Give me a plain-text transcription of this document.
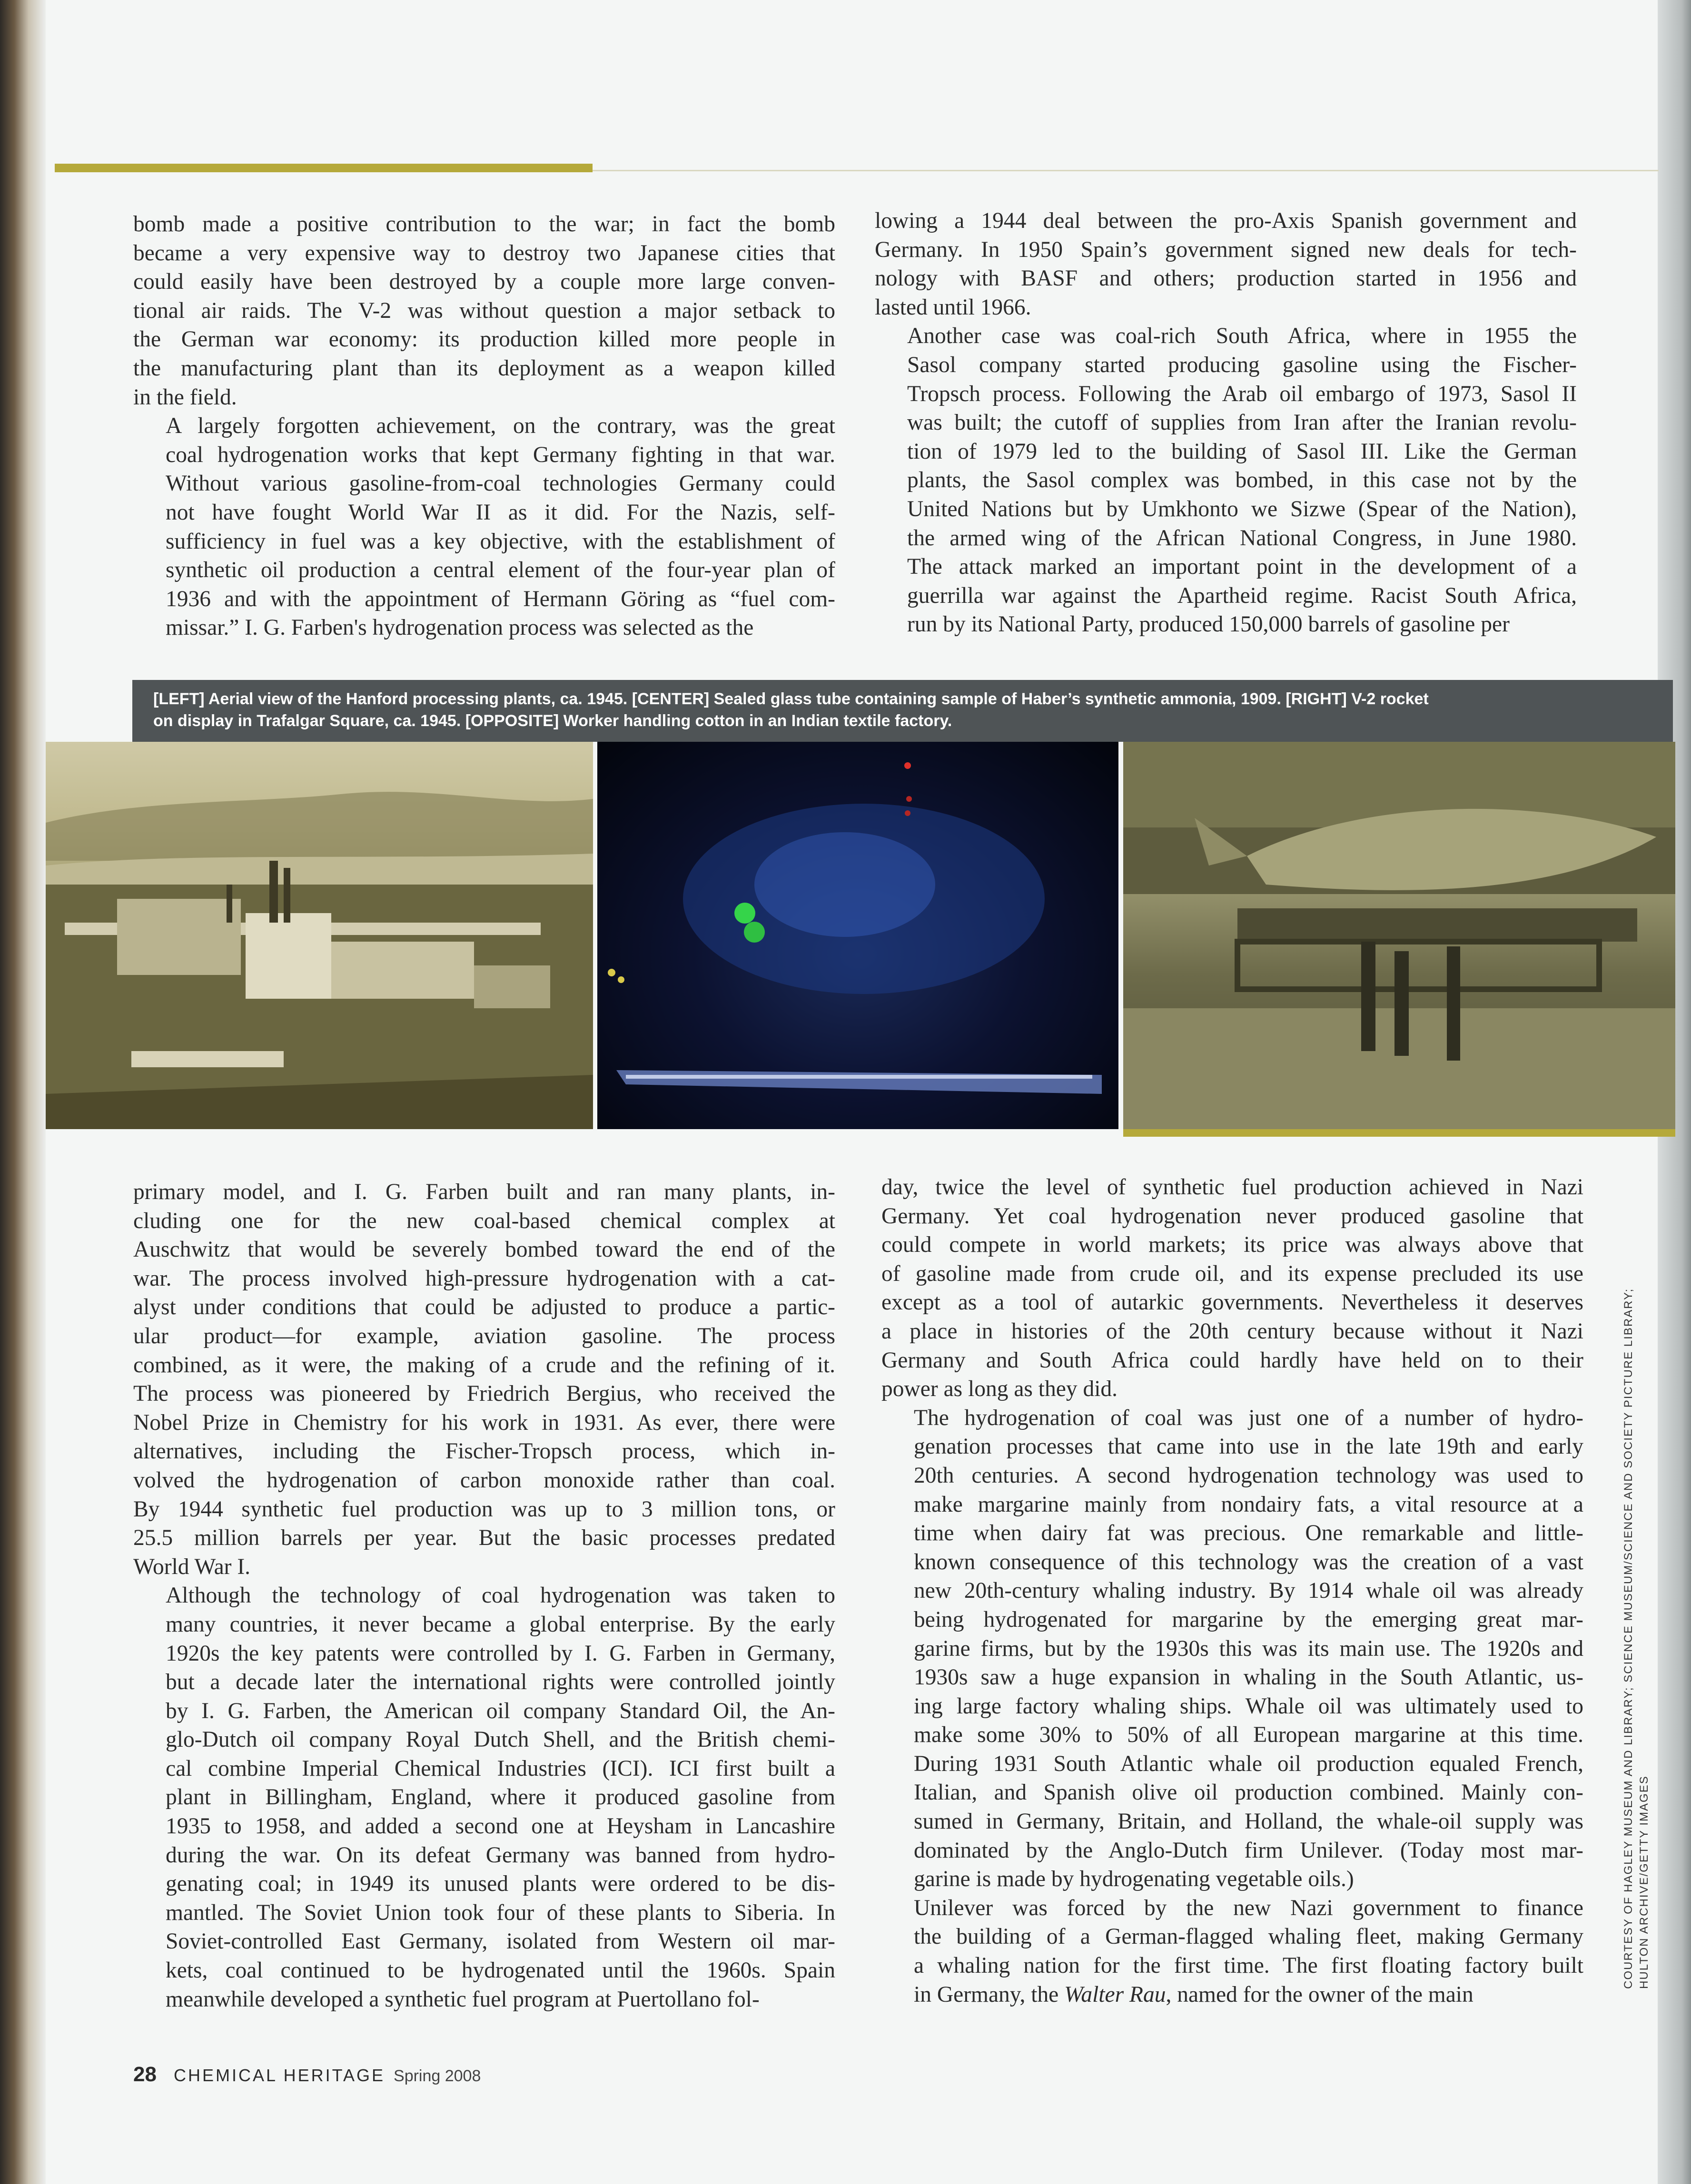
bomb made a positive contribution to the war; in fact the bomb
became a very expensive way to destroy two Japanese cities that
could easily have been destroyed by a couple more large conven-
tional air raids. The V-2 was without question a major setback to
the German war economy: its production killed more people in
the manufacturing plant than its deployment as a weapon killed
in the field.

A largely forgotten achievement, on the contrary, was the great
coal hydrogenation works that kept Germany fighting in that war.
Without various gasoline-from-coal technologies Germany could
not have fought World War II as it did. For the Nazis, self-
sufficiency in fuel was a key objective, with the establishment of
synthetic oil production a central element of the four-year plan of
1936 and with the appointment of Hermann Göring as “fuel com-
missar.” I. G. Farben's hydrogenation process was selected as the

lowing a 1944 deal between the pro-Axis Spanish government and
Germany. In 1950 Spain’s government signed new deals for tech-
nology with BASF and others; production started in 1956 and
lasted until 1966.

Another case was coal-rich South Africa, where in 1955 the
Sasol company started producing gasoline using the Fischer-
Tropsch process. Following the Arab oil embargo of 1973, Sasol II
was built; the cutoff of supplies from Iran after the Iranian revolu-
tion of 1979 led to the building of Sasol III. Like the German
plants, the Sasol complex was bombed, in this case not by the
United Nations but by Umkhonto we Sizwe (Spear of the Nation),
the armed wing of the African National Congress, in June 1980.
The attack marked an important point in the development of a
guerrilla war against the Apartheid regime. Racist South Africa,
run by its National Party, produced 150,000 barrels of gasoline per

[LEFT] Aerial view of the Hanford processing plants, ca. 1945. [CENTER] Sealed glass tube containing sample of Haber’s synthetic ammonia, 1909. [RIGHT] V-2 rocket
on display in Trafalgar Square, ca. 1945. [OPPOSITE] Worker handling cotton in an Indian textile factory.

primary model, and I. G. Farben built and ran many plants, in-
cluding one for the new coal-based chemical complex at
Auschwitz that would be severely bombed toward the end of the
war. The process involved high-pressure hydrogenation with a cat-
alyst under conditions that could be adjusted to produce a partic-
ular product—for example, aviation gasoline. The process
combined, as it were, the making of a crude and the refining of it.
The process was pioneered by Friedrich Bergius, who received the
Nobel Prize in Chemistry for his work in 1931. As ever, there were
alternatives, including the Fischer-Tropsch process, which in-
volved the hydrogenation of carbon monoxide rather than coal.
By 1944 synthetic fuel production was up to 3 million tons, or
25.5 million barrels per year. But the basic processes predated
World War I.

Although the technology of coal hydrogenation was taken to
many countries, it never became a global enterprise. By the early
1920s the key patents were controlled by I. G. Farben in Germany,
but a decade later the international rights were controlled jointly
by I. G. Farben, the American oil company Standard Oil, the An-
glo-Dutch oil company Royal Dutch Shell, and the British chemi-
cal combine Imperial Chemical Industries (ICI). ICI first built a
plant in Billingham, England, where it produced gasoline from
1935 to 1958, and added a second one at Heysham in Lancashire
during the war. On its defeat Germany was banned from hydro-
genating coal; in 1949 its unused plants were ordered to be dis-
mantled. The Soviet Union took four of these plants to Siberia. In
Soviet-controlled East Germany, isolated from Western oil mar-
kets, coal continued to be hydrogenated until the 1960s. Spain
meanwhile developed a synthetic fuel program at Puertollano fol-

day, twice the level of synthetic fuel production achieved in Nazi
Germany. Yet coal hydrogenation never produced gasoline that
could compete in world markets; its price was always above that
of gasoline made from crude oil, and its expense precluded its use
except as a tool of autarkic governments. Nevertheless it deserves
a place in histories of the 20th century because without it Nazi
Germany and South Africa could hardly have held on to their
power as long as they did.

The hydrogenation of coal was just one of a number of hydro-
genation processes that came into use in the late 19th and early
20th centuries. A second hydrogenation technology was used to
make margarine mainly from nondairy fats, a vital resource at a
time when dairy fat was precious. One remarkable and little-
known consequence of this technology was the creation of a vast
new 20th-century whaling industry. By 1914 whale oil was already
being hydrogenated for margarine by the emerging great mar-
garine firms, but by the 1930s this was its main use. The 1920s and
1930s saw a huge expansion in whaling in the South Atlantic, us-
ing large factory whaling ships. Whale oil was ultimately used to
make some 30% to 50% of all European margarine at this time.
During 1931 South Atlantic whale oil production equaled French,
Italian, and Spanish olive oil production combined. Mainly con-
sumed in Germany, Britain, and Holland, the whale-oil supply was
dominated by the Anglo-Dutch firm Unilever. (Today most mar-
garine is made by hydrogenating vegetable oils.)

Unilever was forced by the new Nazi government to finance
the building of a German-flagged whaling fleet, making Germany
a whaling nation for the first time. The first floating factory built
in Germany, the Walter Rau, named for the owner of the main

28 CHEMICAL HERITAGE Spring 2008
COURTESY OF HAGLEY MUSEUM AND LIBRARY; SCIENCE MUSEUM/SCIENCE AND SOCIETY PICTURE LIBRARY; HULTON ARCHIVE/GETTY IMAGES
